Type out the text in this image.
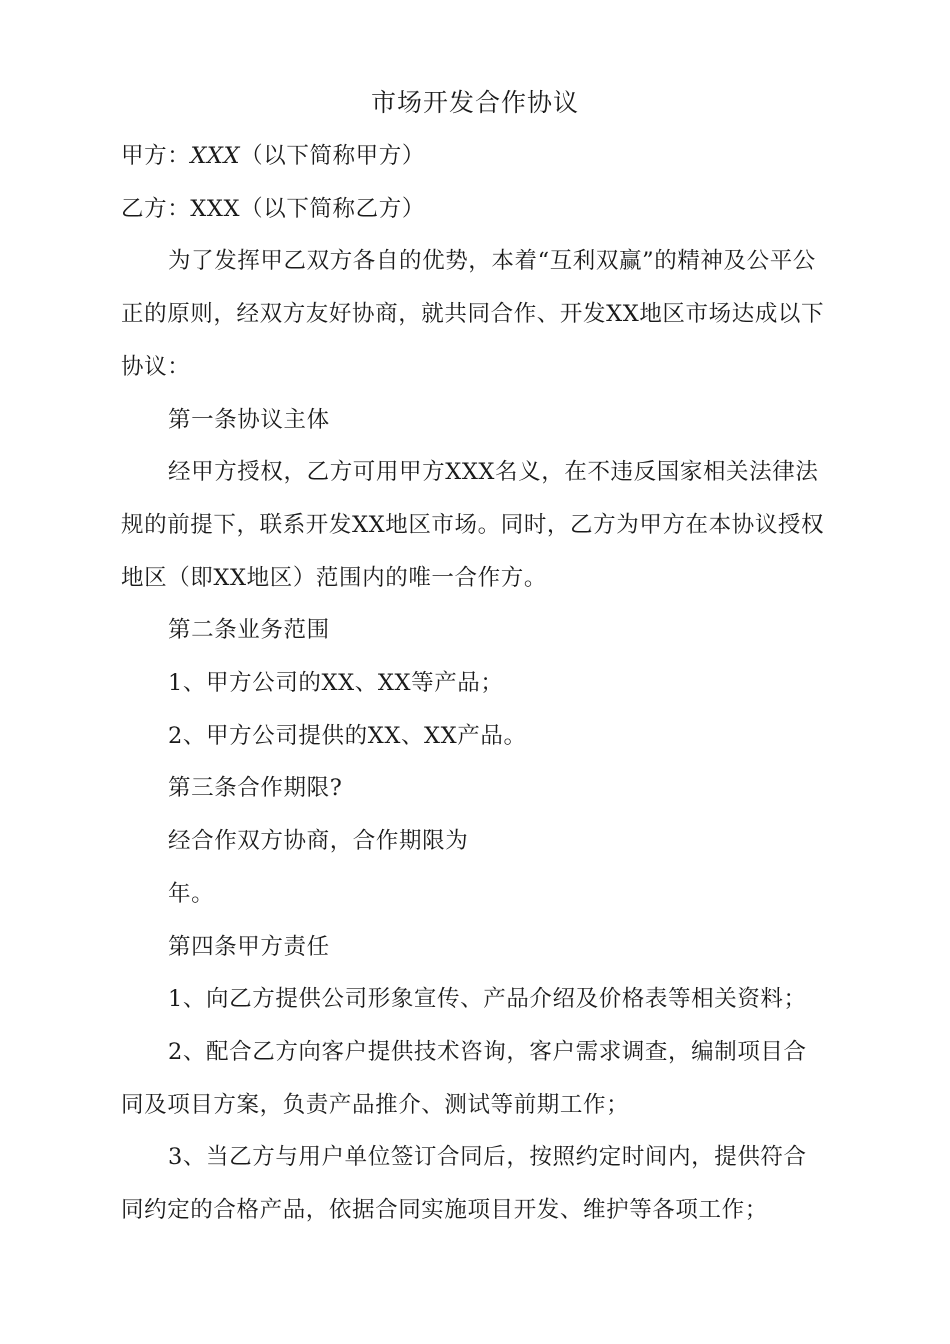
市场开发合作协议

甲方：XXX（以下简称甲方）

乙方：XXX（以下简称乙方）

为了发挥甲乙双方各自的优势，本着“互利双赢”的精神及公平公正的原则，经双方友好协商，就共同合作、开发XX地区市场达成以下协议：

第一条协议主体

经甲方授权，乙方可用甲方XXX名义，在不违反国家相关法律法规的前提下，联系开发XX地区市场。同时，乙方为甲方在本协议授权地区（即XX地区）范围内的唯一合作方。

第二条业务范围

1、甲方公司的XX、XX等产品；

2、甲方公司提供的XX、XX产品。

第三条合作期限?

经合作双方协商，合作期限为

年。

第四条甲方责任

1、向乙方提供公司形象宣传、产品介绍及价格表等相关资料；

2、配合乙方向客户提供技术咨询，客户需求调查，编制项目合同及项目方案，负责产品推介、测试等前期工作；

3、当乙方与用户单位签订合同后，按照约定时间内，提供符合同约定的合格产品，依据合同实施项目开发、维护等各项工作；
